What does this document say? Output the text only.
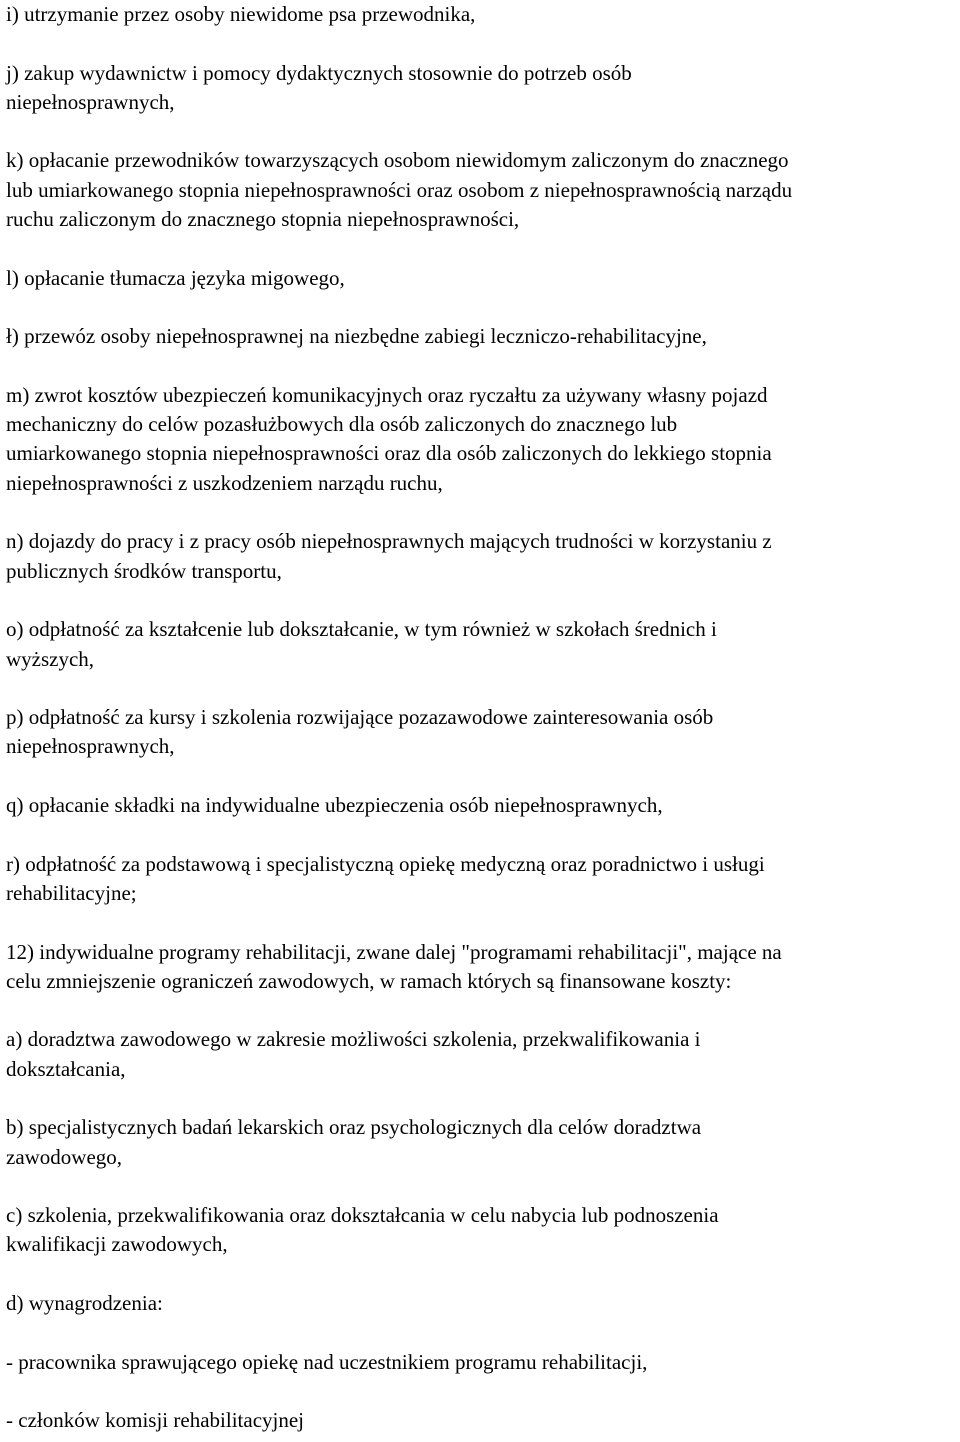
i) utrzymanie przez osoby niewidome psa przewodnika,
j) zakup wydawnictw i pomocy dydaktycznych stosownie do potrzeb osób
niepełnosprawnych,
k) opłacanie przewodników towarzyszących osobom niewidomym zaliczonym do znacznego
lub umiarkowanego stopnia niepełnosprawności oraz osobom z niepełnosprawnością narządu
ruchu zaliczonym do znacznego stopnia niepełnosprawności,
l) opłacanie tłumacza języka migowego,
ł) przewóz osoby niepełnosprawnej na niezbędne zabiegi leczniczo-rehabilitacyjne,
m) zwrot kosztów ubezpieczeń komunikacyjnych oraz ryczałtu za używany własny pojazd
mechaniczny do celów pozasłużbowych dla osób zaliczonych do znacznego lub
umiarkowanego stopnia niepełnosprawności oraz dla osób zaliczonych do lekkiego stopnia
niepełnosprawności z uszkodzeniem narządu ruchu,
n) dojazdy do pracy i z pracy osób niepełnosprawnych mających trudności w korzystaniu z
publicznych środków transportu,
o) odpłatność za kształcenie lub dokształcanie, w tym również w szkołach średnich i
wyższych,
p) odpłatność za kursy i szkolenia rozwijające pozazawodowe zainteresowania osób
niepełnosprawnych,
q) opłacanie składki na indywidualne ubezpieczenia osób niepełnosprawnych,
r) odpłatność za podstawową i specjalistyczną opiekę medyczną oraz poradnictwo i usługi
rehabilitacyjne;
12) indywidualne programy rehabilitacji, zwane dalej "programami rehabilitacji", mające na
celu zmniejszenie ograniczeń zawodowych, w ramach których są finansowane koszty:
a) doradztwa zawodowego w zakresie możliwości szkolenia, przekwalifikowania i
dokształcania,
b) specjalistycznych badań lekarskich oraz psychologicznych dla celów doradztwa
zawodowego,
c) szkolenia, przekwalifikowania oraz dokształcania w celu nabycia lub podnoszenia
kwalifikacji zawodowych,
d) wynagrodzenia:
- pracownika sprawującego opiekę nad uczestnikiem programu rehabilitacji,
- członków komisji rehabilitacyjnej
